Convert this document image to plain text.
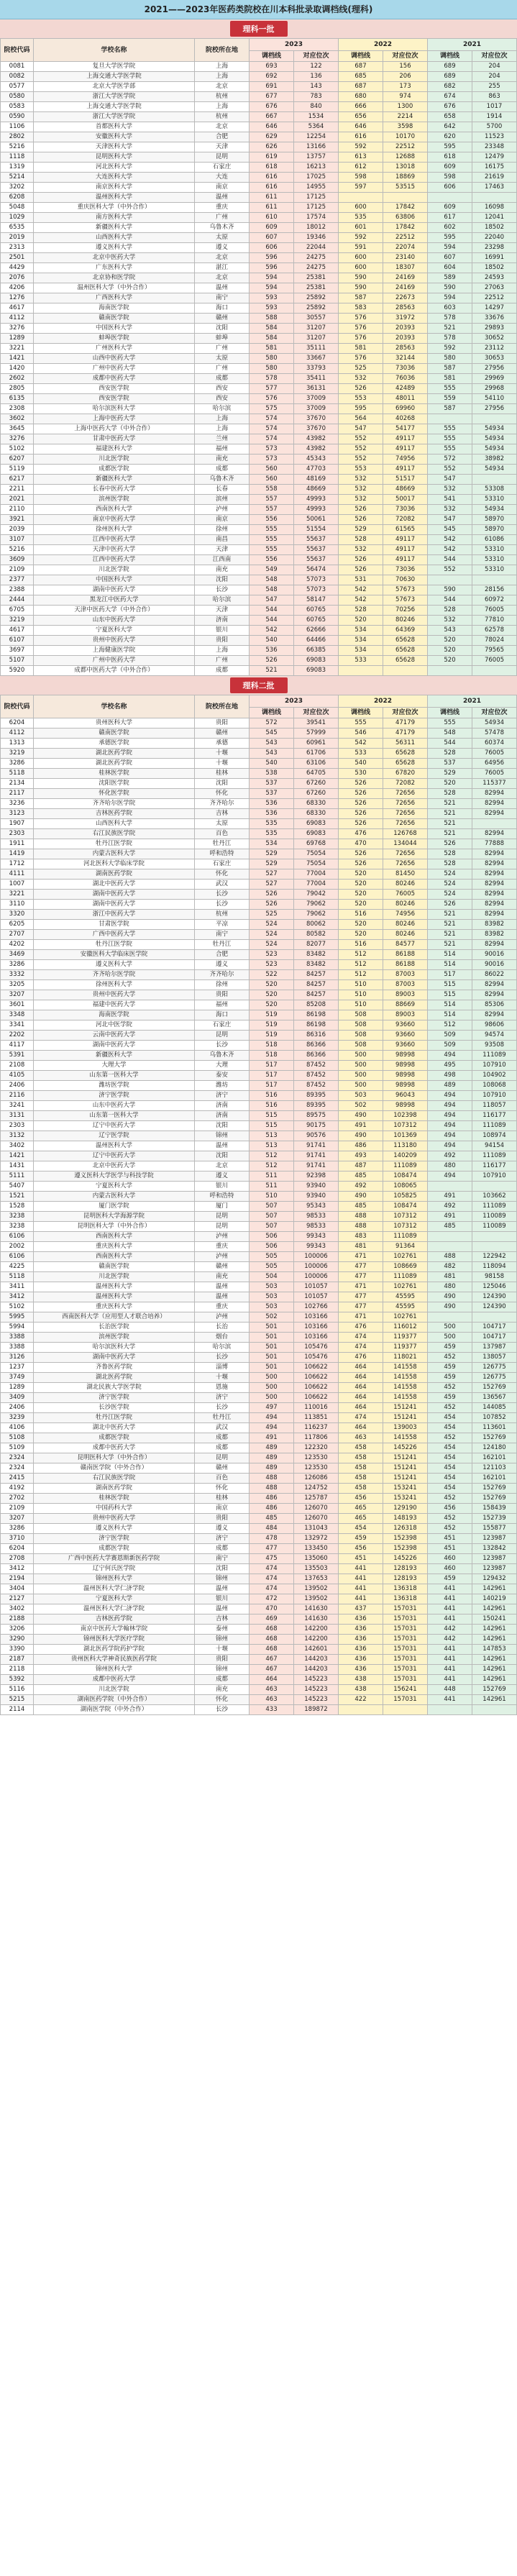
2021——2023年医药类院校在川本科批录取调档线(理科)
理科一批
院校代码	学校名称	院校所在地	2023		2022		2021	
			调档线	对应位次	调档线	对应位次	调档线	对应位次
0081	复旦大学医学院	上海	693	122	687	156	689	204
0082	上海交通大学医学院	上海	692	136	685	206	689	204
0577	北京大学医学部	北京	691	143	687	173	682	255
0580	浙江大学医学院	杭州	677	783	680	974	674	863
0583	上海交通大学医学院	上海	676	840	666	1300	676	1017
0590	浙江大学医学院	杭州	667	1534	656	2214	658	1914
1106	首都医科大学	北京	646	5364	646	3598	642	5700
2802	安徽医科大学	合肥	629	12254	616	10170	620	11523
5216	天津医科大学	天津	626	13166	592	22512	595	23348
1118	昆明医科大学	昆明	619	13757	613	12688	618	12479
1319	河北医科大学	石家庄	618	16213	612	13018	609	16175
5214	大连医科大学	大连	616	17025	598	18869	598	21619
3202	南京医科大学	南京	616	14955	597	53515	606	17463
6208	温州医科大学	温州	611	17125				
5048	重庆医科大学（中外合作）	重庆	611	17125	600	17842	609	16098
1029	南方医科大学	广州	610	17574	535	63806	617	12041
6535	新疆医科大学	乌鲁木齐	609	18012	601	17842	602	18502
2019	山西医科大学	太原	607	19346	592	22512	595	22040
2313	遵义医科大学	遵义	606	22044	591	22074	594	23298
2501	北京中医药大学	北京	596	24275	600	23140	607	16991
4429	广东医科大学	湛江	596	24275	600	18307	604	18502
2076	北京协和医学院	北京	594	25381	590	24169	589	24593
4206	温州医科大学（中外合作）	温州	594	25381	590	24169	590	27063
1276	广西医科大学	南宁	593	25892	587	22673	594	22512
4617	海南医学院	海口	593	25892	583	28563	603	14297
4112	赣南医学院	赣州	588	30557	576	31972	578	33676
3276	中国医科大学	沈阳	584	31207	576	20393	521	29893
1289	蚌埠医学院	蚌埠	584	31207	576	20393	578	30652
3221	广州医科大学	广州	581	35111	581	28563	592	23112
1421	山西中医药大学	太原	580	33667	576	32144	580	30653
1420	广州中医药大学	广州	580	33793	525	73036	587	27956
2602	成都中医药大学	成都	578	35411	532	76036	581	29969
2805	西安医学院	西安	577	36131	526	42489	555	29968
6135	西安医学院	西安	576	37009	553	48011	559	54110
2308	哈尔滨医科大学	哈尔滨	575	37009	595	69960	587	27956
3602	上海中医药大学	上海	574	37670	564	40268		
3645	上海中医药大学（中外合作）	上海	574	37670	547	54177	555	54934
3276	甘肃中医药大学	兰州	574	43982	552	49117	555	54934
5102	福建医科大学	福州	573	43982	552	49117	555	54934
6207	川北医学院	南充	573	45343	552	74956	572	38982
5119	成都医学院	成都	560	47703	553	49117	552	54934
6217	新疆医科大学	乌鲁木齐	560	48169	532	51517	547	
2211	长春中医药大学	长春	558	48669	532	48669	532	53308
2021	滨州医学院	滨州	557	49993	532	50017	541	53310
2110	西南医科大学	泸州	557	49993	526	73036	532	54934
3921	南京中医药大学	南京	556	50061	526	72082	547	58970
2039	徐州医科大学	徐州	555	51554	529	61565	545	58970
3107	江西中医药大学	南昌	555	55637	528	49117	542	61086
5216	天津中医药大学	天津	555	55637	532	49117	542	53310
3609	江西中医药大学	江西南	556	55637	526	49117	544	53310
2109	川北医学院	南充	549	56474	526	73036	552	53310
2377	中国医科大学	沈阳	548	57073	531	70630		
2388	湖南中医药大学	长沙	548	57073	542	57673	590	28156
2444	黑龙江中医药大学	哈尔滨	547	58147	542	57673	544	60972
6705	天津中医药大学（中外合作）	天津	544	60765	528	70256	528	76005
3219	山东中医药大学	济南	544	60765	520	80246	532	77810
4617	宁夏医科大学	银川	542	62666	534	64369	543	62578
6107	贵州中医药大学	贵阳	540	64466	534	65628	520	78024
3697	上海健康医学院	上海	536	66385	534	65628	520	79565
5107	广州中医药大学	广州	526	69083	533	65628	520	76005
5920	成都中医药大学（中外合作）	成都	521	69083				
理科二批
院校代码	学校名称	院校所在地	2023		2022		2021	
			调档线	对应位次	调档线	对应位次	调档线	对应位次
6204	贵州医科大学	贵阳	572	39541	555	47179	555	54934
4112	赣南医学院	赣州	545	57999	546	47179	548	57478
1313	承德医学院	承德	543	60961	542	56311	544	60374
3219	湖北医药学院	十堰	543	61706	533	65628	528	76005
3286	湖北医药学院	十堰	540	63106	540	65628	537	64956
5118	桂林医学院	桂林	538	64705	530	67820	529	76005
2134	沈阳医学院	沈阳	537	67260	526	72082	520	115377
2117	怀化医学院	怀化	537	67260	526	72656	528	82994
3236	齐齐哈尔医学院	齐齐哈尔	536	68330	526	72656	521	82994
3123	吉林医药学院	吉林	536	68330	526	72656	521	82994
1907	山西医科大学	太原	535	69083	526	72656	521	
2303	右江民族医学院	百色	535	69083	476	126768	521	82994
1911	牡丹江医学院	牡丹江	534	69768	470	134044	526	77888
1419	内蒙古医科大学	呼和浩特	529	75054	526	72656	528	82994
1712	河北医科大学临床学院	石家庄	529	75054	526	72656	528	82994
4111	湖南医药学院	怀化	527	77004	520	81450	524	82994
1007	湖北中医药大学	武汉	527	77004	520	80246	524	82994
3221	湖南中医药大学	长沙	526	79042	520	76005	524	82994
3110	湖南中医药大学	长沙	526	79062	520	80246	526	82994
3320	浙江中医药大学	杭州	525	79062	516	74956	521	82994
6205	甘肃医学院	平凉	524	80062	520	80246	521	83982
2707	广西中医药大学	南宁	524	80582	520	80246	521	83982
4202	牡丹江医学院	牡丹江	524	82077	516	84577	521	82994
3469	安徽医科大学临床医学院	合肥	523	83482	512	86188	514	90016
3286	遵义医科大学	遵义	523	83482	512	86188	514	90016
3332	齐齐哈尔医学院	齐齐哈尔	522	84257	512	87003	517	86022
3205	徐州医科大学	徐州	520	84257	510	87003	515	82994
3207	贵州中医药大学	贵阳	520	84257	510	89003	515	82994
3601	福建中医药大学	福州	520	85208	510	88669	514	85306
3348	海南医学院	海口	519	86198	508	89003	514	82994
3341	河北中医学院	石家庄	519	86198	508	93660	512	98606
2202	云南中医药大学	昆明	519	86316	508	93660	509	94574
4117	湖南中医药大学	长沙	518	86366	508	93660	509	93508
5391	新疆医科大学	乌鲁木齐	518	86366	500	98998	494	111089
2108	大理大学	大理	517	87452	500	98998	495	107910
4105	山东第一医科大学	泰安	517	87452	500	98998	498	104902
2406	潍坊医学院	潍坊	517	87452	500	98998	489	108068
2116	济宁医学院	济宁	516	89395	503	96043	494	107910
3241	山东中医药大学	济南	516	89395	502	98998	494	118057
3131	山东第一医科大学	济南	515	89575	490	102398	494	116177
2303	辽宁中医药大学	沈阳	515	90175	491	107312	494	111089
3132	辽宁医学院	锦州	513	90576	490	101369	494	108974
3402	温州医科大学	温州	513	91741	486	113180	494	94154
1421	辽宁中医药大学	沈阳	512	91741	493	140209	492	111089
1431	北京中医药大学	北京	512	91741	487	111089	480	116177
5111	遵义医科大学医学与科技学院	遵义	511	92398	485	108474	494	107910
5407	宁夏医科大学	银川	511	93940	492	108065		
1521	内蒙古医科大学	呼和浩特	510	93940	490	105825	491	103662
1528	厦门医学院	厦门	507	95343	485	108474	492	111089
3238	昆明医科大学海源学院	昆明	507	98533	488	107312	491	110089
3238	昆明医科大学（中外合作）	昆明	507	98533	488	107312	485	110089
6106	西南医科大学	泸州	506	99343	483	111089		
2002	重庆医科大学	重庆	506	99343	481	91364		
6106	西南医科大学	泸州	505	100006	471	102761	488	122942
4225	赣南医学院	赣州	505	100006	477	108669	482	118094
5118	川北医学院	南充	504	100006	477	111089	481	98158
3411	温州医科大学	温州	503	101057	471	102761	480	125046
3412	温州医科大学	温州	503	101057	477	45595	490	124390
5102	重庆医科大学	重庆	503	102766	477	45595	490	124390
5995	西南医科大学（应用型人才联合培养）	泸州	502	103166	471	102761		
5994	长治医学院	长治	501	103166	476	116012	500	104717
3388	滨州医学院	烟台	501	103166	474	119377	500	104717
3388	哈尔滨医科大学	哈尔滨	501	105476	474	119377	459	137987
3126	湖南中医药大学	长沙	501	105476	476	118021	452	138057
1237	齐鲁医药学院	淄博	501	106622	464	141558	459	126775
3749	湖北医药学院	十堰	500	106622	464	141558	459	126775
1289	湖北民族大学医学院	恩施	500	106622	464	141558	452	152769
3409	济宁医学院	济宁	500	106622	464	141558	459	136567
2406	长沙医学院	长沙	497	110016	464	151241	452	144085
3239	牡丹江医学院	牡丹江	494	113851	474	151241	454	107852
4106	湖北中医药大学	武汉	494	116237	464	139003	454	113601
5108	成都医学院	成都	491	117806	463	141558	452	152769
5109	成都中医药大学	成都	489	122320	458	145226	454	124180
2324	昆明医科大学（中外合作）	昆明	489	123530	458	151241	454	162101
2324	赣南医学院（中外合作）	赣州	489	123530	458	151241	454	121103
2415	右江民族医学院	百色	488	126086	458	151241	454	162101
4192	湖南医药学院	怀化	488	124752	458	153241	454	152769
2702	桂林医学院	桂林	486	125787	456	153241	452	152769
2109	中国药科大学	南京	486	126070	465	129190	456	158439
3207	贵州中医药大学	贵阳	485	126070	465	148193	452	152739
3286	遵义医科大学	遵义	484	131043	454	126318	452	155877
3710	济宁医学院	济宁	478	132972	459	152398	451	123987
6204	成都医学院	成都	477	133450	456	152398	451	132842
2708	广西中医药大学赛恩斯新医药学院	南宁	475	135060	451	145226	460	123987
3412	辽宁何氏医学院	沈阳	474	135503	441	128193	460	123987
2194	锦州医科大学	锦州	474	137653	441	128193	459	129432
3404	温州医科大学仁济学院	温州	474	139502	441	136318	441	142961
2127	宁夏医科大学	银川	472	139502	441	136318	441	140219
3402	温州医科大学仁济学院	温州	470	141630	437	157031	441	142961
2188	吉林医药学院	吉林	469	141630	436	157031	441	150241
3206	南京中医药大学翰林学院	泰州	468	142200	436	157031	442	142961
3290	锦州医科大学医疗学院	锦州	468	142200	436	157031	442	142961
3390	湖北医药学院药护学院	十堰	468	142601	436	157031	441	147853
2187	贵州医科大学神奇民族医药学院	贵阳	467	144203	436	157031	441	142961
2118	锦州医科大学	锦州	467	144203	436	157031	441	142961
5392	成都中医药大学	成都	464	145223	438	157031	441	142961
5116	川北医学院	南充	463	145223	438	156241	448	152769
5215	湖南医药学院（中外合作）	怀化	463	145223	422	157031	441	142961
2114	湖南医学院（中外合作）	长沙	433	189872				
